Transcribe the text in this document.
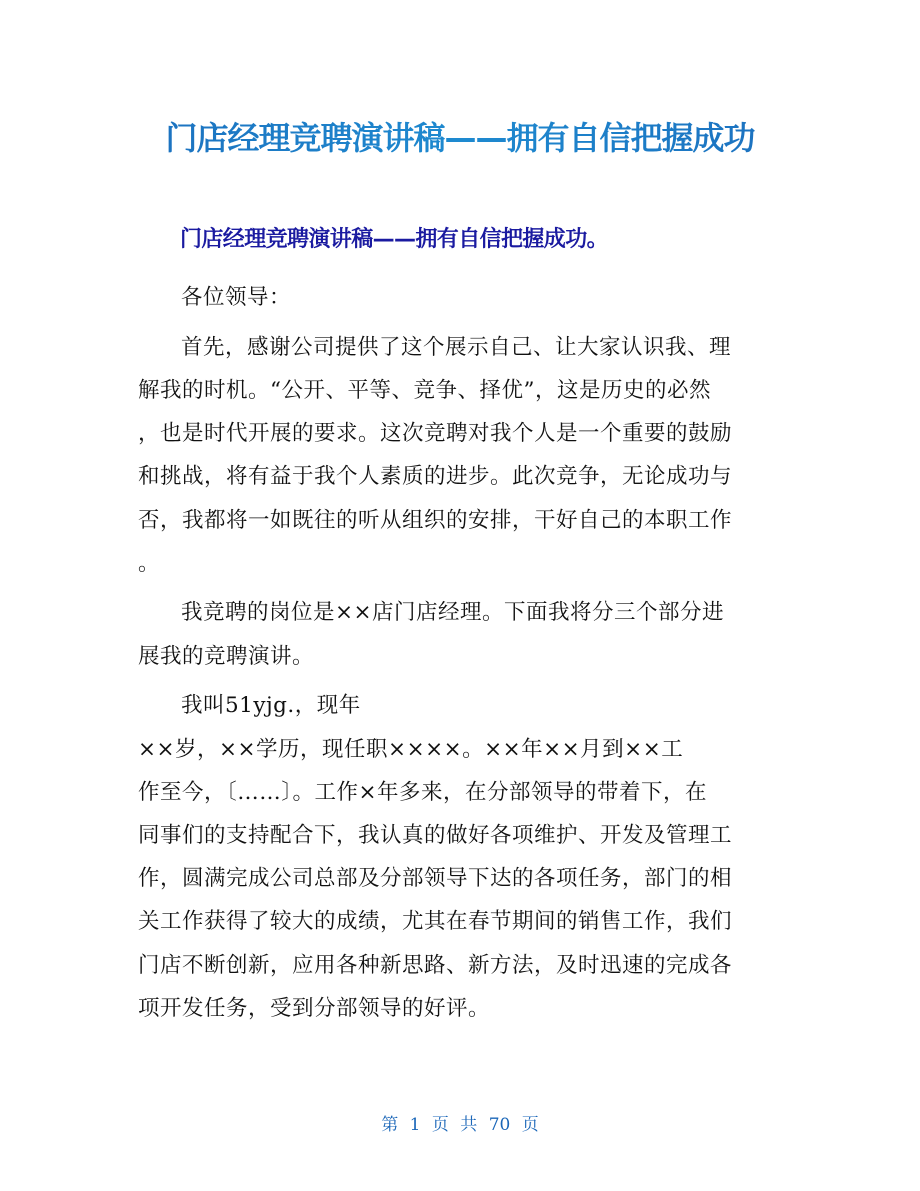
门店经理竞聘演讲稿——拥有自信把握成功
门店经理竞聘演讲稿——拥有自信把握成功。

各位领导：

首先，感谢公司提供了这个展示自己、让大家认识我、理
解我的时机。“公开、平等、竞争、择优”，这是历史的必然
，也是时代开展的要求。这次竞聘对我个人是一个重要的鼓励
和挑战，将有益于我个人素质的进步。此次竞争，无论成功与
否，我都将一如既往的听从组织的安排，干好自己的本职工作
。

我竞聘的岗位是××店门店经理。下面我将分三个部分进
展我的竞聘演讲。

我叫51yjg.，现年
××岁，××学历，现任职××××。××年××月到××工
作至今，〔……〕。工作×年多来，在分部领导的带着下，在
同事们的支持配合下，我认真的做好各项维护、开发及管理工
作，圆满完成公司总部及分部领导下达的各项任务，部门的相
关工作获得了较大的成绩，尤其在春节期间的销售工作，我们
门店不断创新，应用各种新思路、新方法，及时迅速的完成各
项开发任务，受到分部领导的好评。

第 1 页 共 70 页
